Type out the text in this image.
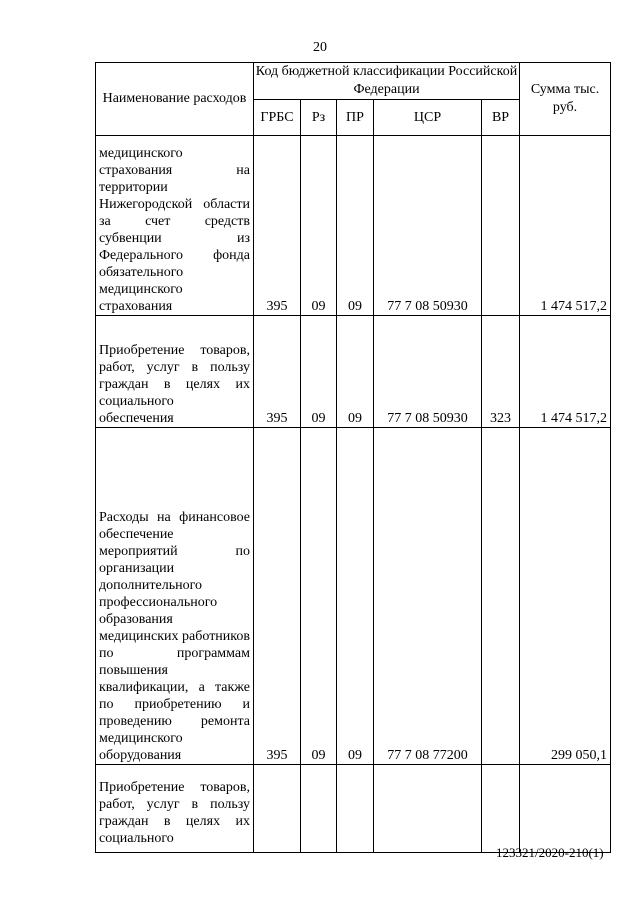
20
Наименование расходов	Код бюджетной классификации Российской Федерации					Сумма тыс. руб.
	ГРБС	Рз	ПР	ЦСР	ВР	

медицинского страхования на территории Нижегородской области за счет средств субвенции из Федерального фонда обязательного медицинского страхования	395	09	09	77 7 08 50930		1 474 517,2

Приобретение товаров, работ, услуг в пользу граждан в целях их социального обеспечения	395	09	09	77 7 08 50930	323	1 474 517,2

Расходы на финансовое обеспечение мероприятий по организации дополнительного профессионального образования медицинских работников по программам повышения квалификации, а также по приобретению и проведению ремонта медицинского оборудования	395	09	09	77 7 08 77200		299 050,1

Приобретение товаров, работ, услуг в пользу граждан в целях их социального						

123321/2020-210(1)
